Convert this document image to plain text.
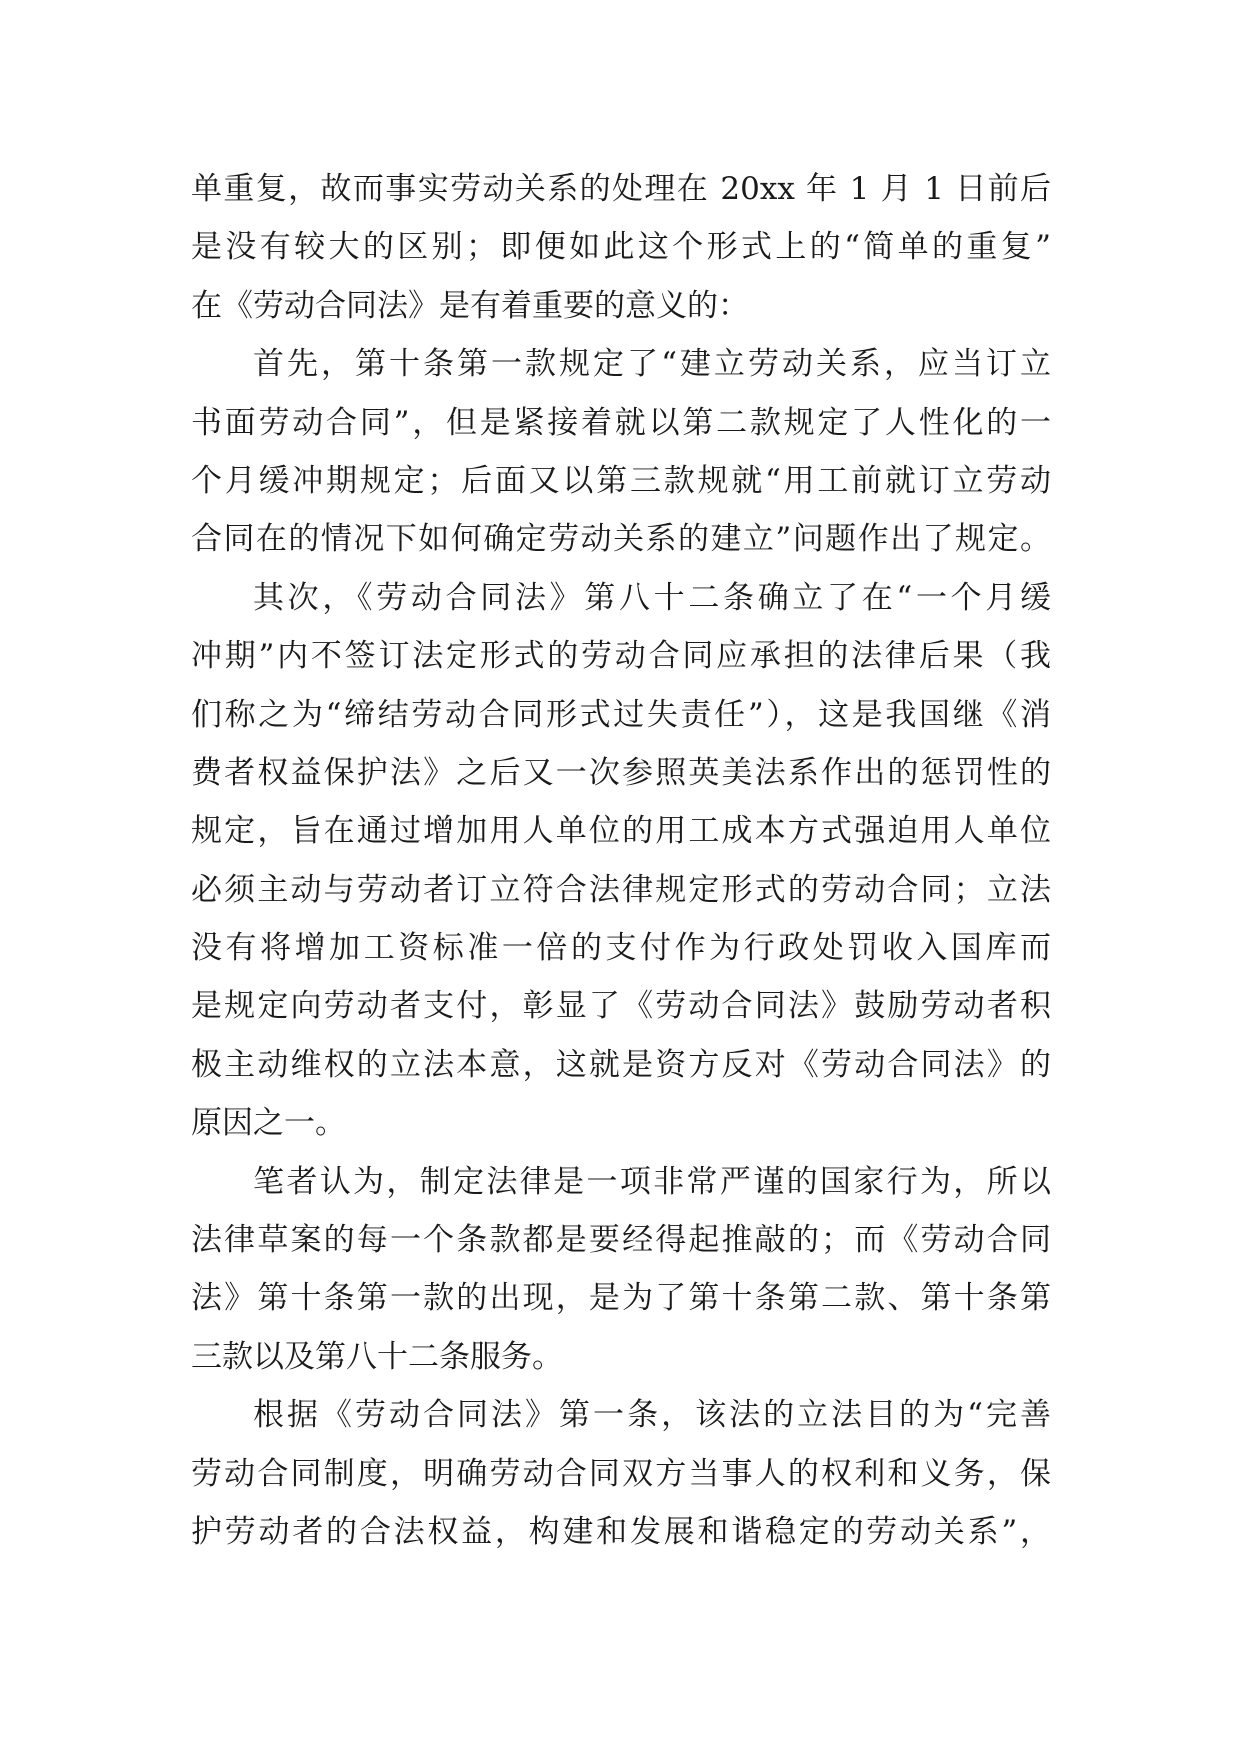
单重复，故而事实劳动关系的处理在 20xx 年 1 月 1 日前后
是没有较大的区别；即便如此这个形式上的“简单的重复”
在《劳动合同法》是有着重要的意义的：
首先，第十条第一款规定了“建立劳动关系，应当订立
书面劳动合同”，但是紧接着就以第二款规定了人性化的一
个月缓冲期规定；后面又以第三款规就“用工前就订立劳动
合同在的情况下如何确定劳动关系的建立”问题作出了规定。
其次，《劳动合同法》第八十二条确立了在“一个月缓
冲期”内不签订法定形式的劳动合同应承担的法律后果（我
们称之为“缔结劳动合同形式过失责任”），这是我国继《消
费者权益保护法》之后又一次参照英美法系作出的惩罚性的
规定，旨在通过增加用人单位的用工成本方式强迫用人单位
必须主动与劳动者订立符合法律规定形式的劳动合同；立法
没有将增加工资标准一倍的支付作为行政处罚收入国库而
是规定向劳动者支付，彰显了《劳动合同法》鼓励劳动者积
极主动维权的立法本意，这就是资方反对《劳动合同法》的
原因之一。
笔者认为，制定法律是一项非常严谨的国家行为，所以
法律草案的每一个条款都是要经得起推敲的；而《劳动合同
法》第十条第一款的出现，是为了第十条第二款、第十条第
三款以及第八十二条服务。
根据《劳动合同法》第一条，该法的立法目的为“完善
劳动合同制度，明确劳动合同双方当事人的权利和义务，保
护劳动者的合法权益，构建和发展和谐稳定的劳动关系”，
